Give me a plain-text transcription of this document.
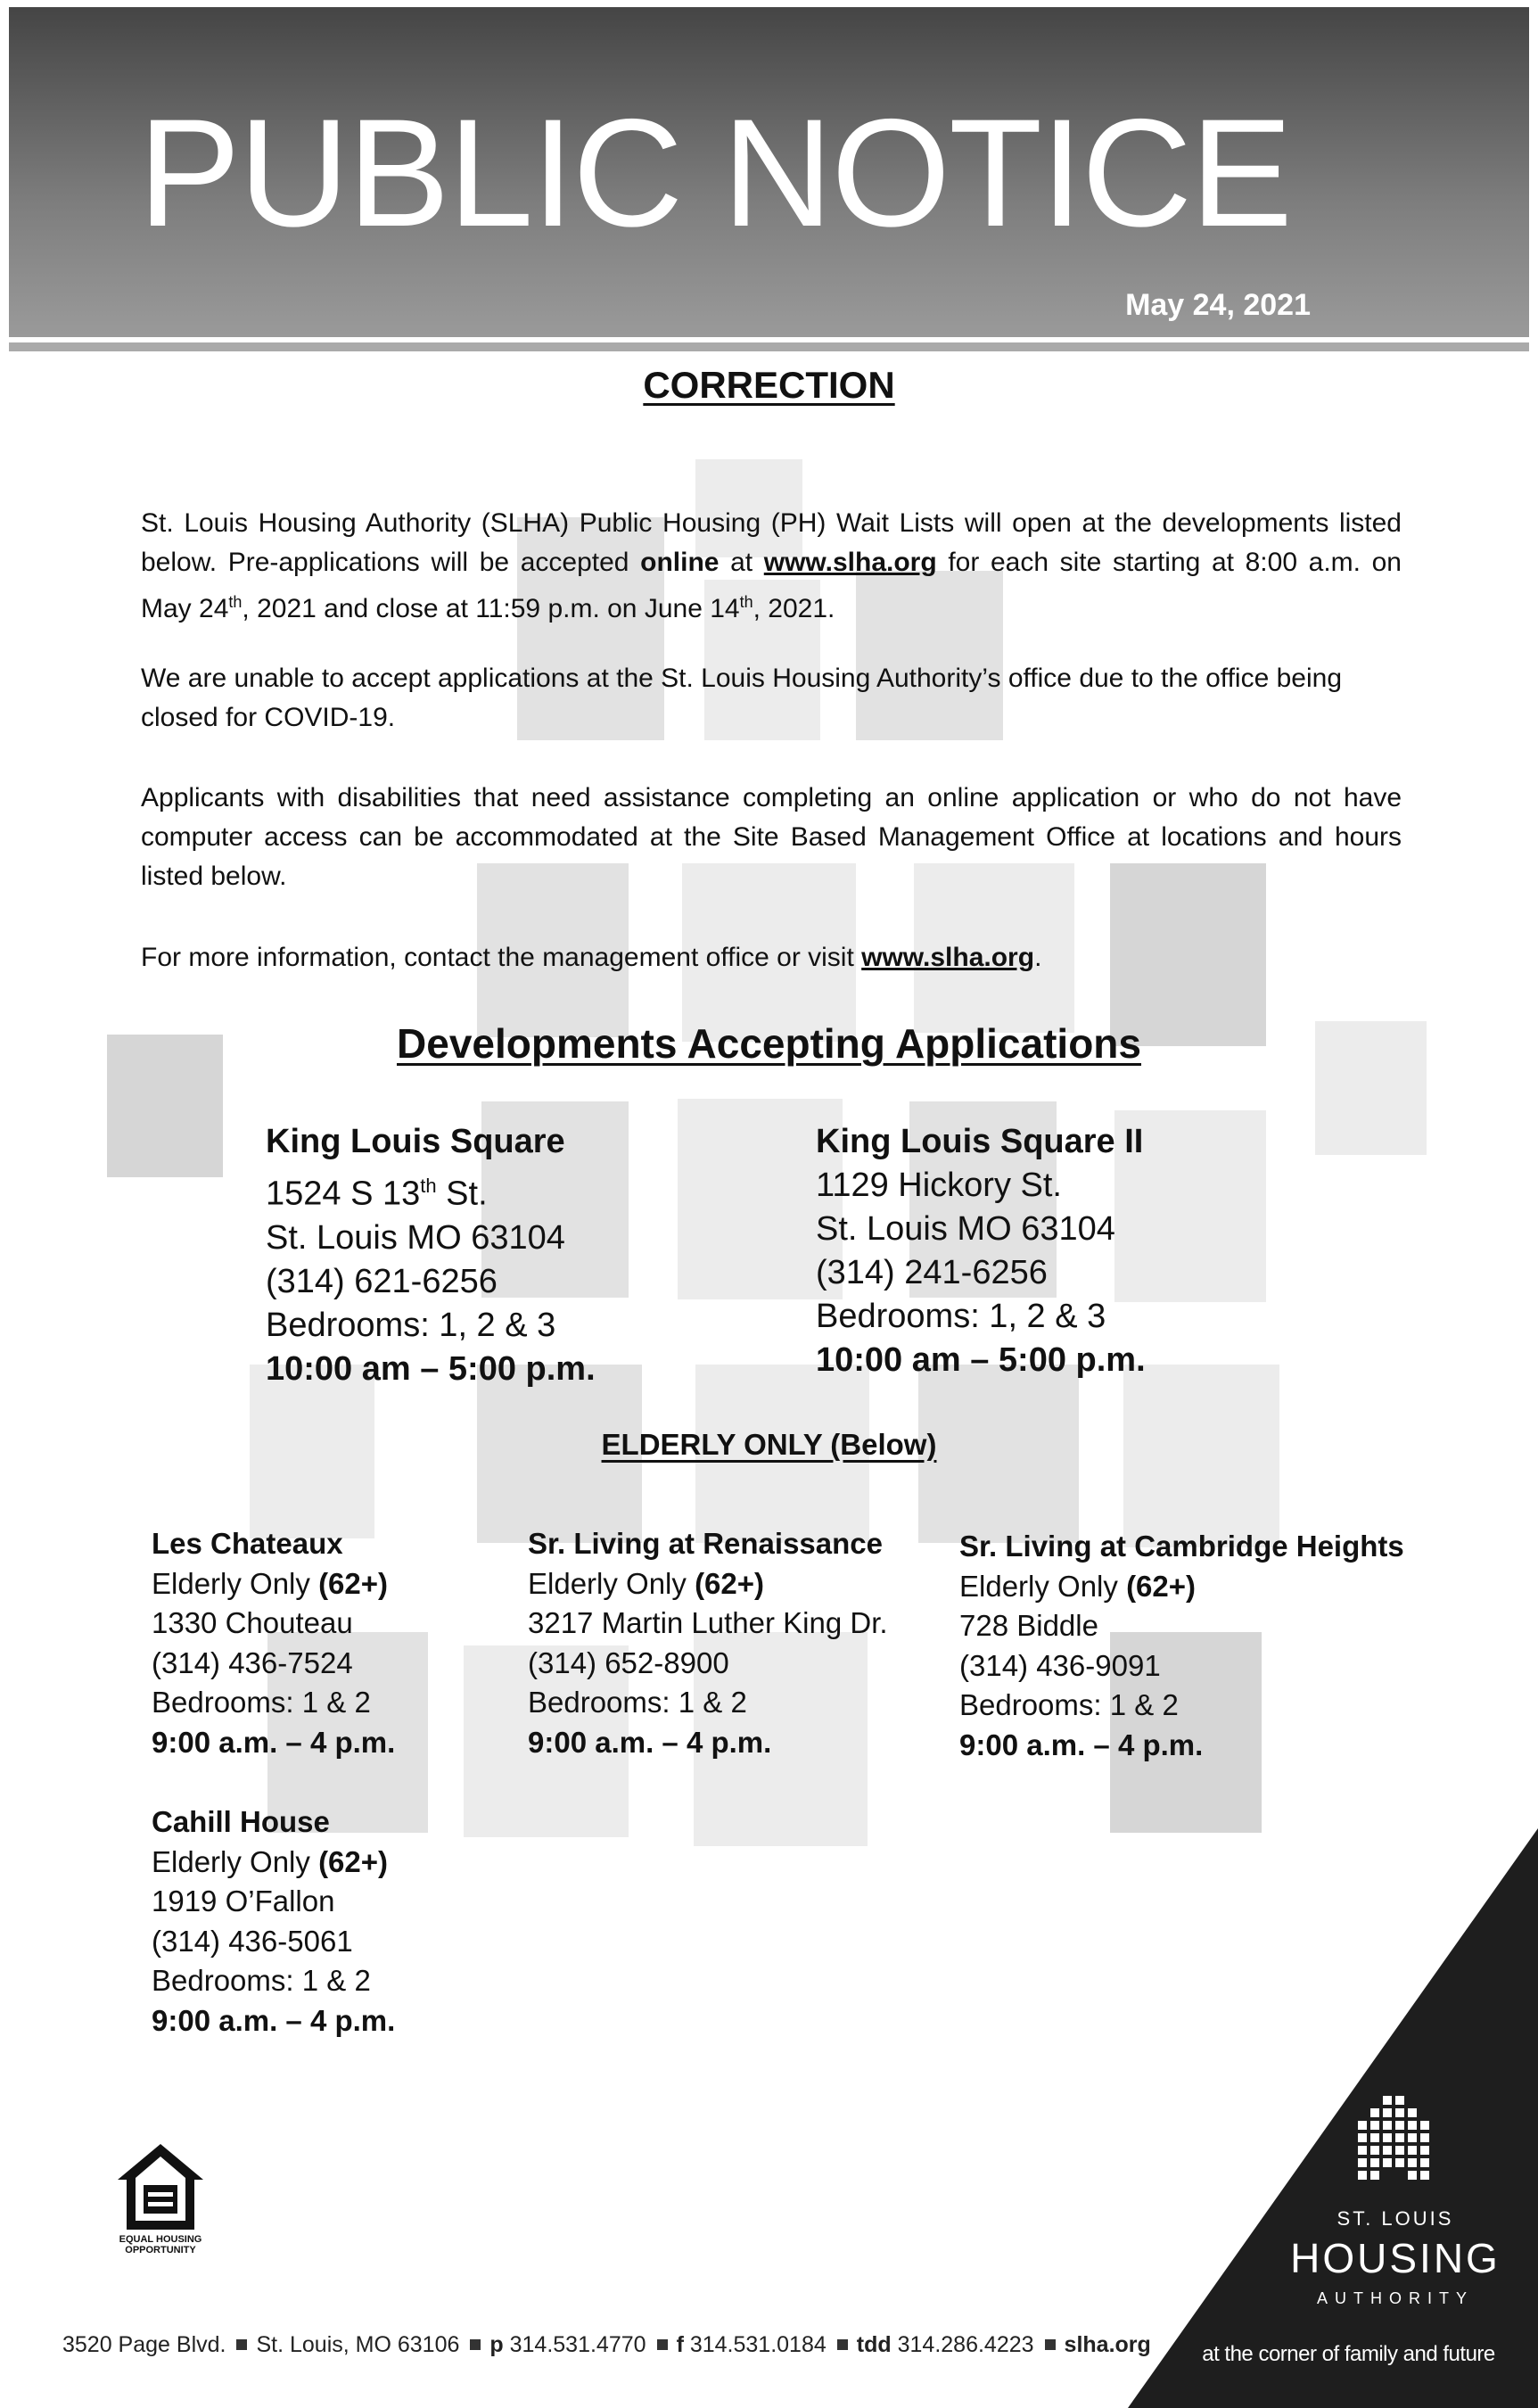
PUBLIC NOTICE
May 24, 2021
CORRECTION
St. Louis Housing Authority (SLHA) Public Housing (PH) Wait Lists will open at the developments listed below. Pre-applications will be accepted online at www.slha.org for each site starting at 8:00 a.m. on May 24th, 2021 and close at 11:59 p.m. on June 14th, 2021.
We are unable to accept applications at the St. Louis Housing Authority’s office due to the office being closed for COVID-19.
Applicants with disabilities that need assistance completing an online application or who do not have computer access can be accommodated at the Site Based Management Office at locations and hours listed below.
For more information, contact the management office or visit www.slha.org.
Developments Accepting Applications
King Louis Square
1524 S 13th St.
St. Louis MO 63104
(314) 621-6256
Bedrooms: 1, 2 & 3
10:00 am – 5:00 p.m.
King Louis Square II
1129 Hickory St.
St. Louis MO 63104
(314) 241-6256
Bedrooms: 1, 2 & 3
10:00 am – 5:00 p.m.
ELDERLY ONLY (Below)
Les Chateaux
Elderly Only (62+)
1330 Chouteau
(314) 436-7524
Bedrooms: 1 & 2
9:00 a.m. – 4 p.m.
Sr. Living at Renaissance
Elderly Only (62+)
3217 Martin Luther King Dr.
(314) 652-8900
Bedrooms: 1 & 2
9:00 a.m. – 4 p.m.
Sr. Living at Cambridge Heights
Elderly Only (62+)
728 Biddle
(314) 436-9091
Bedrooms: 1 & 2
9:00 a.m. – 4 p.m.
Cahill House
Elderly Only (62+)
1919 O’Fallon
(314) 436-5061
Bedrooms: 1 & 2
9:00 a.m. – 4 p.m.
EQUAL HOUSING OPPORTUNITY
ST. LOUIS
HOUSING
AUTHORITY
at the corner of family and future
3520 Page Blvd. St. Louis, MO 63106 p 314.531.4770 f 314.531.0184 tdd 314.286.4223 slha.org
